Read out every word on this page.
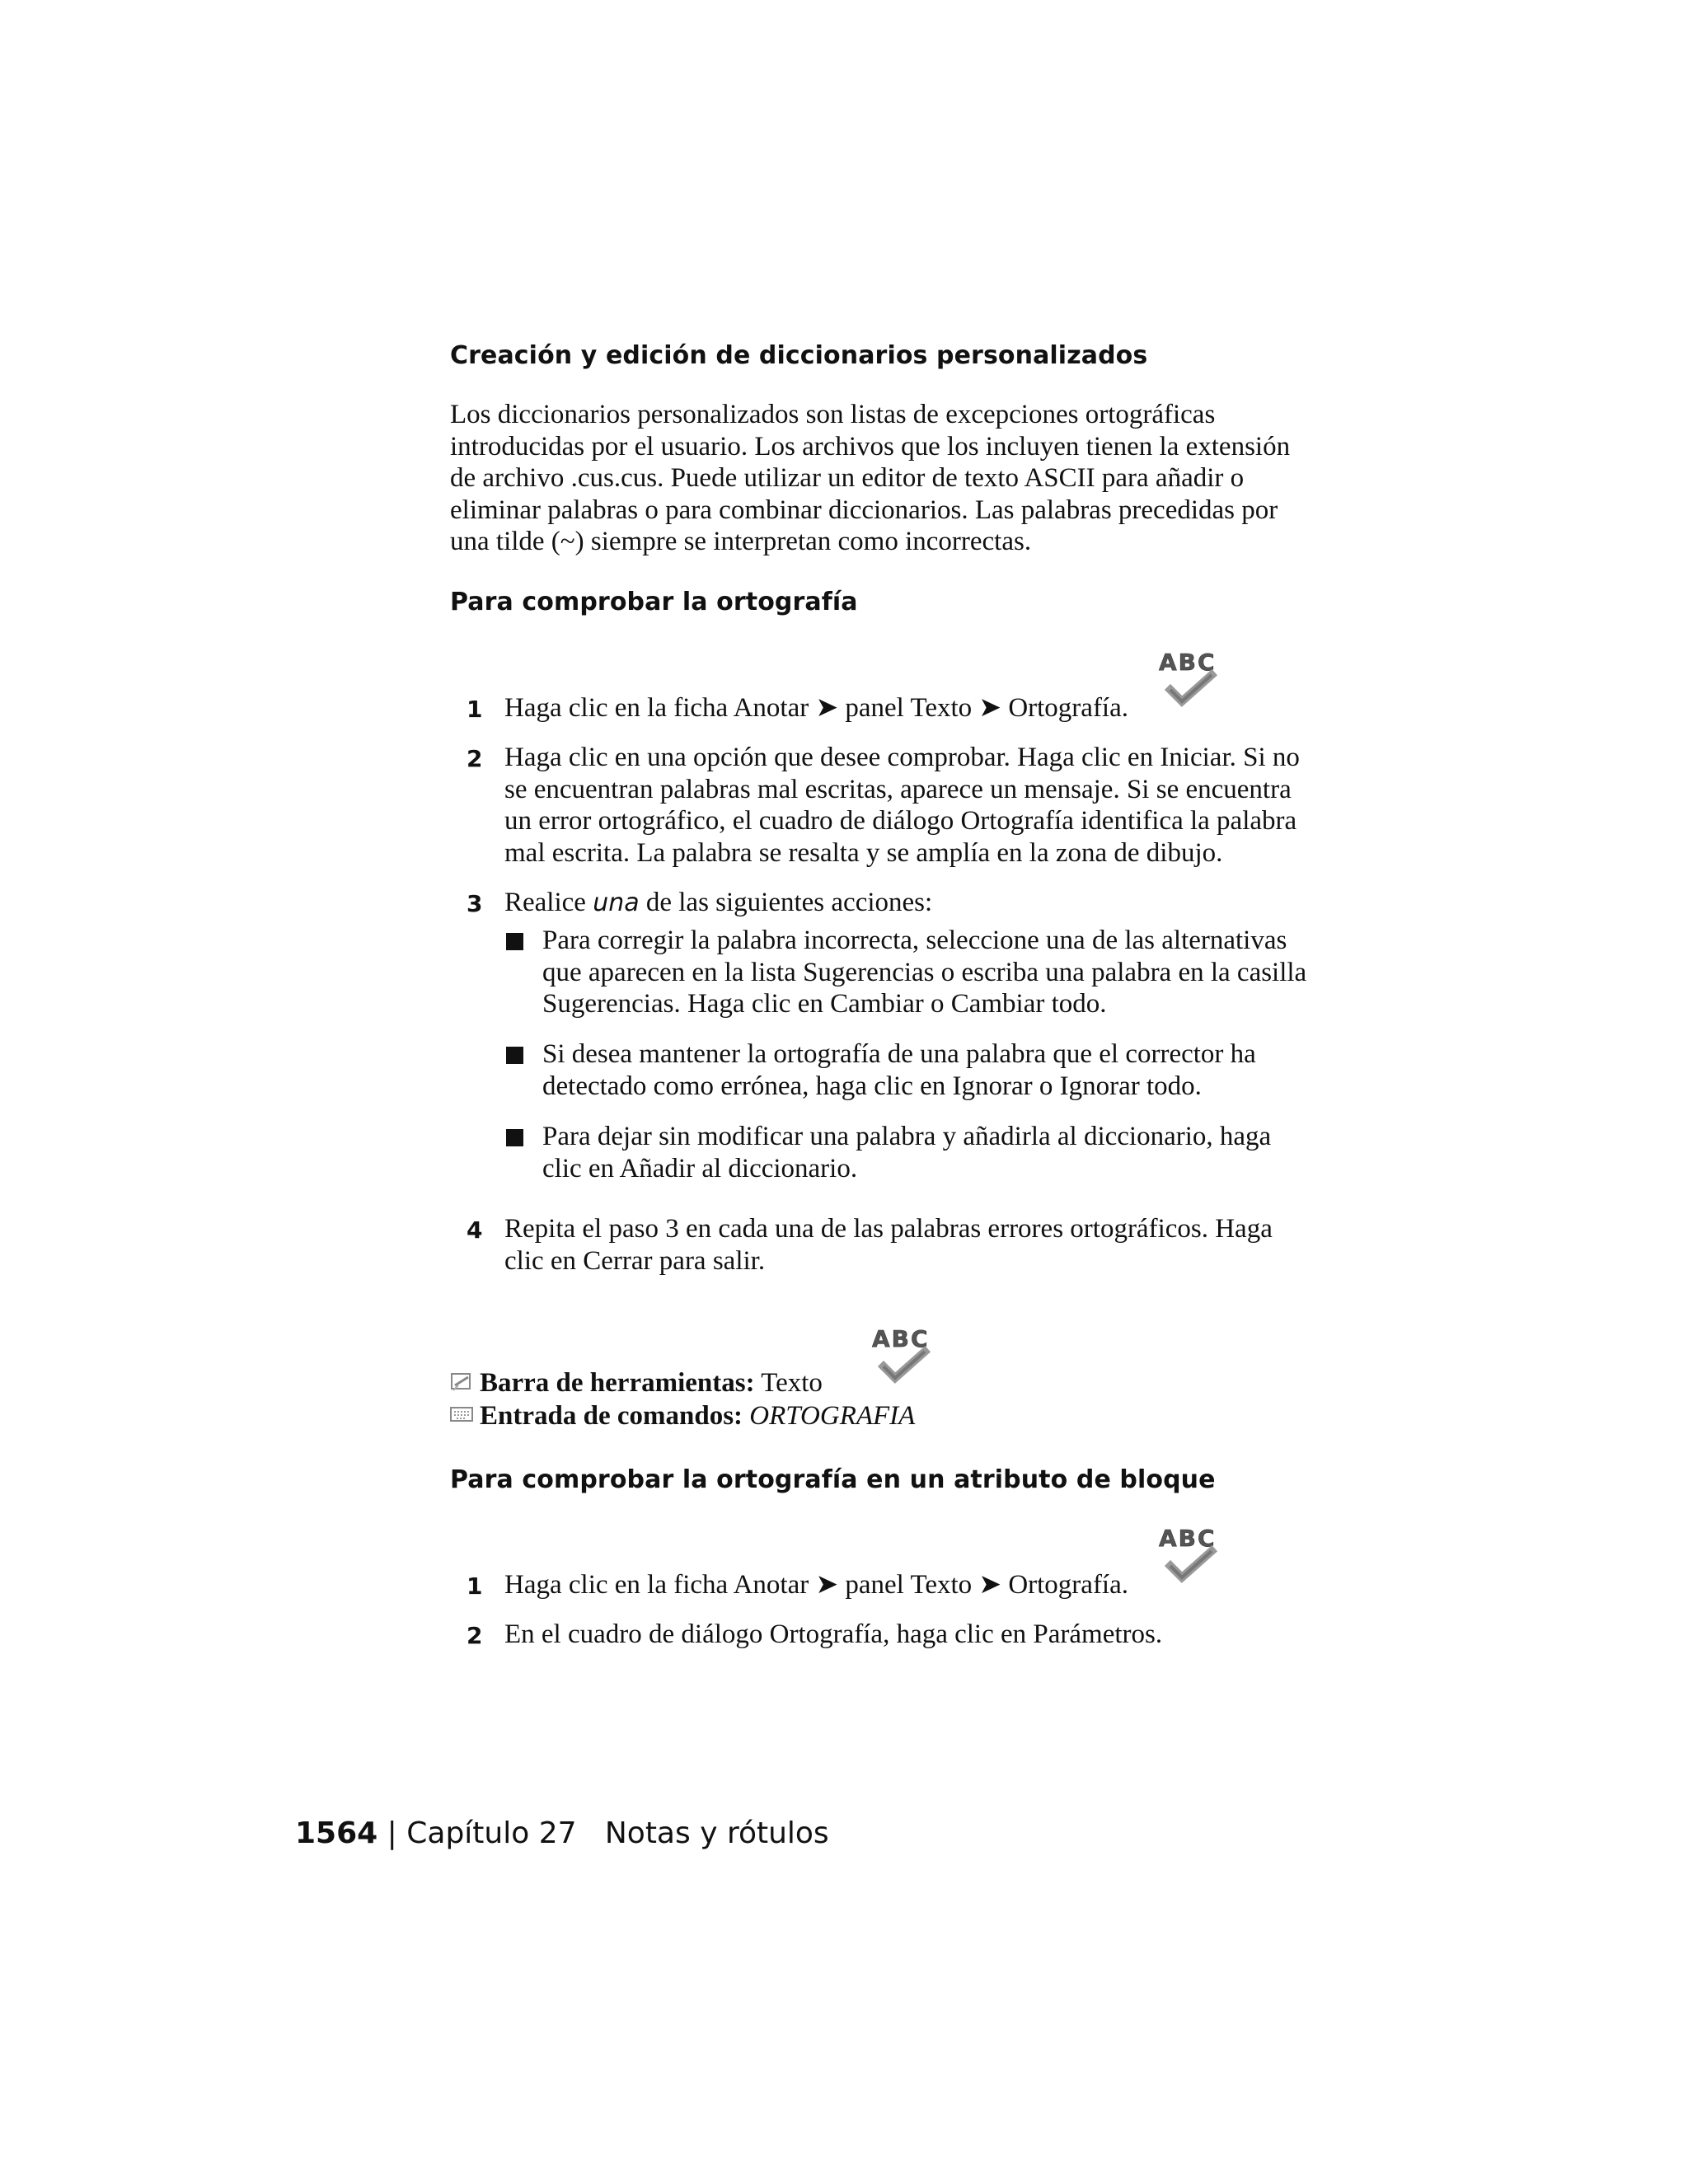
Creación y edición de diccionarios personalizados
Los diccionarios personalizados son listas de excepciones ortográficas
introducidas por el usuario. Los archivos que los incluyen tienen la extensión
de archivo .cus.cus. Puede utilizar un editor de texto ASCII para añadir o
eliminar palabras o para combinar diccionarios. Las palabras precedidas por
una tilde (~) siempre se interpretan como incorrectas.
Para comprobar la ortografía
ABC
1 Haga clic en la ficha Anotar ➤ panel Texto ➤ Ortografía.
2 Haga clic en una opción que desee comprobar. Haga clic en Iniciar. Si no
se encuentran palabras mal escritas, aparece un mensaje. Si se encuentra
un error ortográfico, el cuadro de diálogo Ortografía identifica la palabra
mal escrita. La palabra se resalta y se amplía en la zona de dibujo.
3 Realice una de las siguientes acciones:
Para corregir la palabra incorrecta, seleccione una de las alternativas
que aparecen en la lista Sugerencias o escriba una palabra en la casilla
Sugerencias. Haga clic en Cambiar o Cambiar todo.
Si desea mantener la ortografía de una palabra que el corrector ha
detectado como errónea, haga clic en Ignorar o Ignorar todo.
Para dejar sin modificar una palabra y añadirla al diccionario, haga
clic en Añadir al diccionario.
4 Repita el paso 3 en cada una de las palabras errores ortográficos. Haga
clic en Cerrar para salir.
ABC
Barra de herramientas: Texto
Entrada de comandos: ORTOGRAFIA
Para comprobar la ortografía en un atributo de bloque
ABC
1 Haga clic en la ficha Anotar ➤ panel Texto ➤ Ortografía.
2 En el cuadro de diálogo Ortografía, haga clic en Parámetros.
1564 | Capítulo 27 Notas y rótulos
